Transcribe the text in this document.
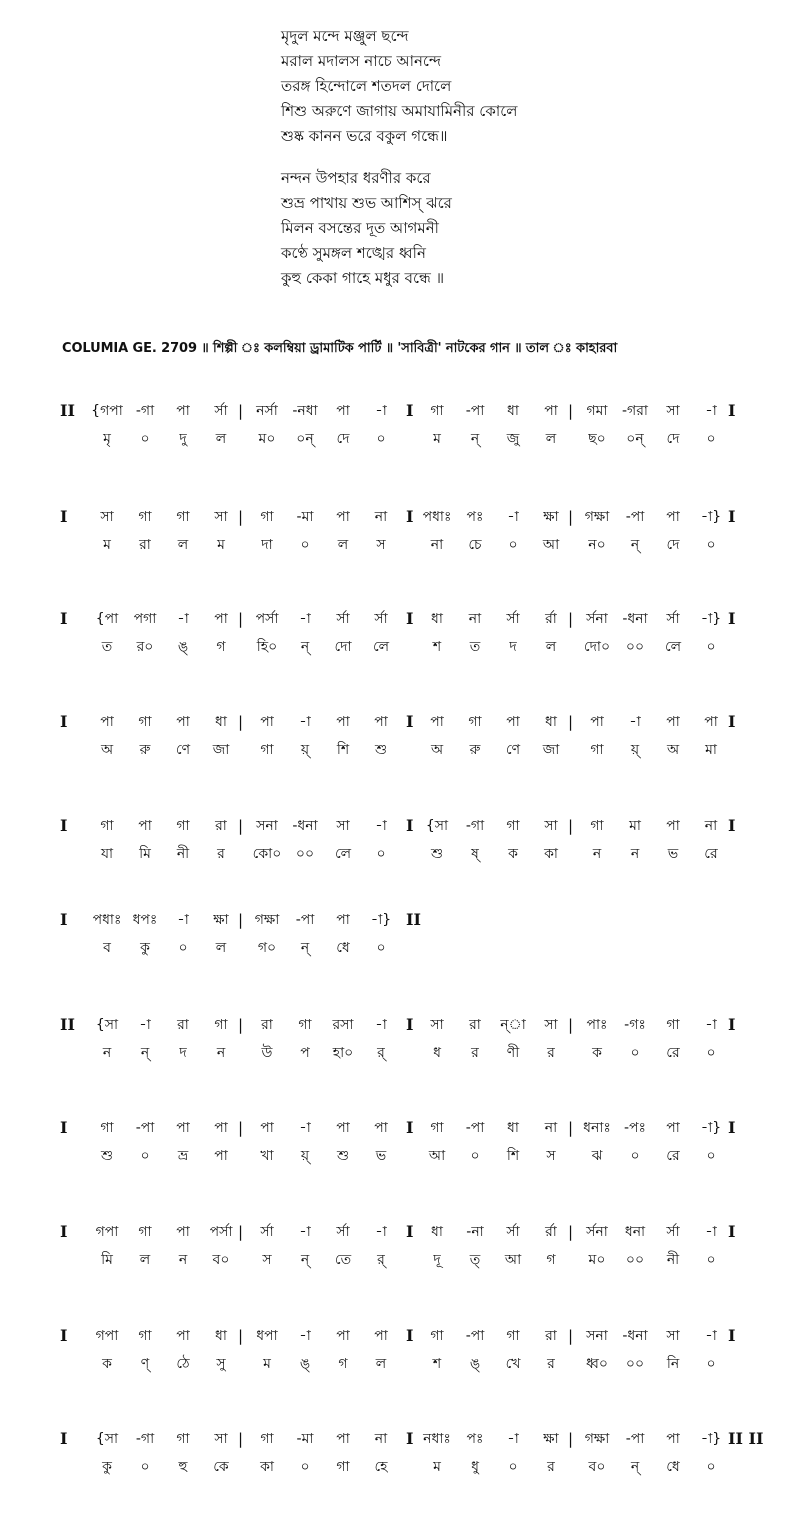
মৃদুল মন্দে মঞ্জুল ছন্দে
মরাল মদালস নাচে আনন্দে
তরঙ্গ হিন্দোলে শতদল দোলে
শিশু অরুণে জাগায় অমাযামিনীর কোলে
শুষ্ক কানন ভরে বকুল গন্ধে॥
নন্দন উপহার ধরণীর করে
শুভ্র পাখায় শুভ আশিস্ ঝরে
মিলন বসন্তের দূত আগমনী
কণ্ঠে সুমঙ্গল শঙ্খের ধ্বনি
কুহু কেকা গাহে মধুর বন্ধে ॥
COLUMIA GE. 2709 ॥ শিল্পী ঃ কলম্বিয়া ড্রামাটিক পার্টি ॥ 'সাবিত্রী' নাটকের গান ॥ তাল ঃ কাহারবা
II	{গপা -গা	পা	র্সা | নর্সা	-নধা	পা	-া	I	গা	-পা	ধা	পা | গমা	-গরা	সা	-া I
মৃ	০	দু	ল	ম০	০ন্	দে	০	ম	ন্	জু	ল	ছ০	০ন্	দে	০
I	সা	গা	গা	সা |	গা	-মা	পা	না	I পধাঃ	পঃ	-া	ক্ষা | গক্ষা	-পা	পা	-া} I
ম	রা	ল	ম	দা	০	ল	স	না	চে	০	আ	ন০	ন্	দে	০
I	{পা	পগা	-া	পা | পর্সা	-া	র্সা	র্সা	I	ধা	না	র্সা	র্রা | র্সনা	-ধনা	র্সা	-া} I
ত	র০	ঙ্	গ	হি০	ন্	দো	লে	শ	ত	দ	ল	দো০	০০	লে	০
I	পা	গা	পা	ধা |	পা	-া	পা	পা	I	পা	গা	পা	ধা |	পা	-া	পা	পা I
অ	রু	ণে	জা	গা	য়্	শি	শু	অ	রু	ণে	জা	গা	য়্	অ	মা
I	গা	পা	গা	রা | সনা	-ধনা	সা	-া	I {সা	-গা	গা	সা |	গা	মা	পা	না I
যা	মি	নী	র	কো০	০০	লে	০	শু	ষ্	ক	কা	ন	ন	ভ	রে
I	পধাঃ ধপঃ	-া	ক্ষা | গক্ষা	-পা	পা	-া} II
ব	কু	০	ল	গ০	ন্	ধে	০
II	{সা	-া	রা	গা |	রা	গা	রসা	-া	I	সা	রা	ন্া	সা | পাঃ	-গঃ	গা	-া I
ন	ন্	দ	ন	উ	প	হা০	র্	ধ	র	ণী	র	ক	০	রে	০
I	গা	-পা	পা	পা |	পা	-া	পা	পা	I	গা	-পা	ধা	না | ধনাঃ -পঃ	পা	-া} I
শু	০	ভ্র	পা	খা	য়্	শু	ভ	আ	০	শি	স	ঝ	০	রে	০
I	গপা	গা	পা	পর্সা |	র্সা	-া	র্সা	-া	I	ধা	-না	র্সা	র্রা | র্সনা	ধনা	র্সা	-া I
মি	ল	ন	ব০	স	ন্	তে	র্	দূ	ত্	আ	গ	ম০	০০	নী	০
I	গপা	গা	পা	ধা | ধপা	-া	পা	পা	I	গা	-পা	গা	রা | সনা	-ধনা	সা	-া I
ক	ণ্	ঠে	সু	ম	ঙ্	গ	ল	শ	ঙ্	খে	র	ধ্ব০	০০	নি	০
I	{সা	-গা	গা	সা |	গা	-মা	পা	না	I নধাঃ	পঃ	-া	ক্ষা | গক্ষা	-পা	পা	-া} II II
কু	০	হু	কে	কা	০	গা	হে	ম	ধু	০	র	ব০	ন্	ধে	০
